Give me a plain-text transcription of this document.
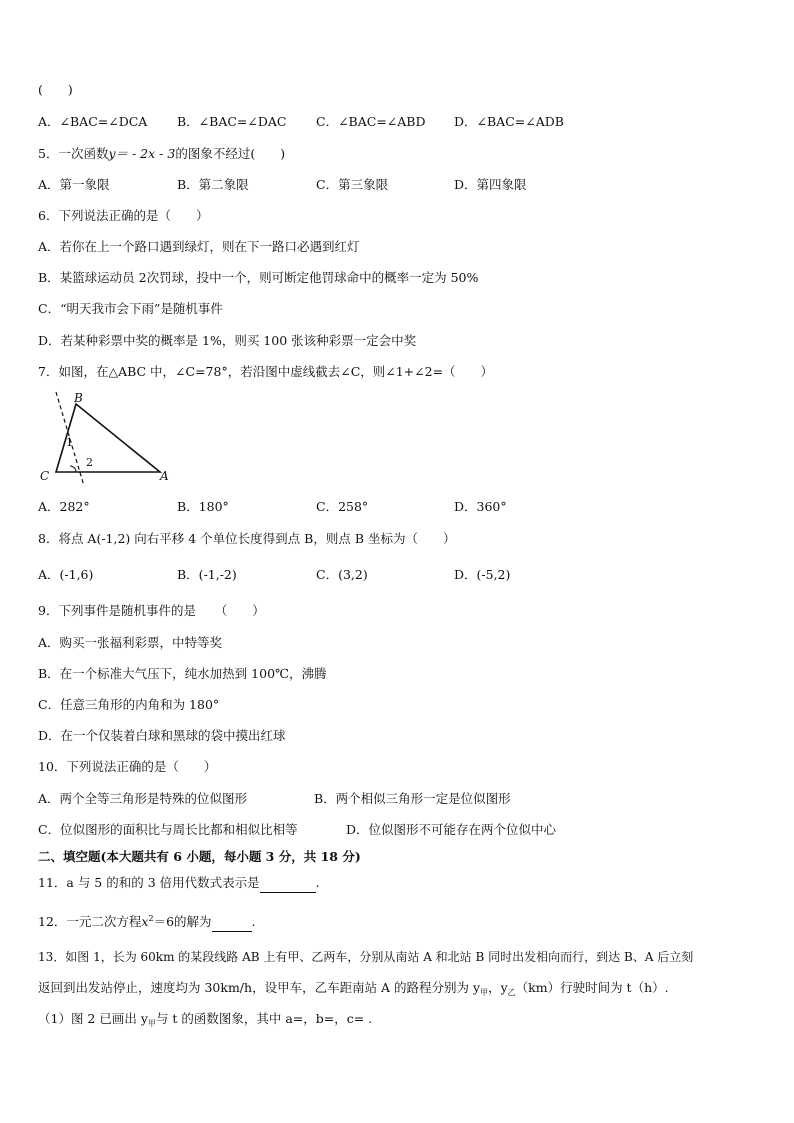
(　　)
A．∠BAC=∠DCA B．∠BAC=∠DAC C．∠BAC=∠ABD D．∠BAC=∠ADB
5．一次函数y＝ - 2x - 3的图象不经过(　　)
A．第一象限	B．第二象限	C．第三象限	D．第四象限
6．下列说法正确的是（　　）
A．若你在上一个路口遇到绿灯，则在下一路口必遇到红灯
B．某篮球运动员 2次罚球，投中一个，则可断定他罚球命中的概率一定为 50%
C．“明天我市会下雨”是随机事件
D．若某种彩票中奖的概率是 1%，则买 100 张该种彩票一定会中奖
7．如图，在△ABC 中，∠C=78°，若沿图中虚线截去∠C，则∠1+∠2=（　　）
B
C	A
1
2
A．282°	B．180°	C．258°	D．360°
8．将点 A(-1,2) 向右平移 4 个单位长度得到点 B，则点 B 坐标为（　　）
A．(-1,6)	B．(-1,-2)	C．(3,2)	D．(-5,2)
9．下列事件是随机事件的是　　（　　）
A．购买一张福利彩票，中特等奖
B．在一个标准大气压下，纯水加热到 100℃，沸腾
C．任意三角形的内角和为 180°
D．在一个仅装着白球和黑球的袋中摸出红球
10．下列说法正确的是（　　）
A．两个全等三角形是特殊的位似图形	B．两个相似三角形一定是位似图形
C．位似图形的面积比与周长比都和相似比相等	D．位似图形不可能存在两个位似中心
二、填空题(本大题共有 6 小题，每小题 3 分，共 18 分)
11．a 与 5 的和的 3 倍用代数式表示是	.
12．一元二次方程$x^2=6$的解为	.
13．如图 1，长为 60km 的某段线路 AB 上有甲、乙两车，分别从南站 A 和北站 B 同时出发相向而行，到达 B、A 后立刻
返回到出发站停止，速度均为 30km/h，设甲车，乙车距南站 A 的路程分别为 $y_甲$，$y_乙(km)$行驶时间为 t（h）.
（1）图 2 已画出 $y_甲$与 t 的函数图象，其中 a=，b=，c= .
